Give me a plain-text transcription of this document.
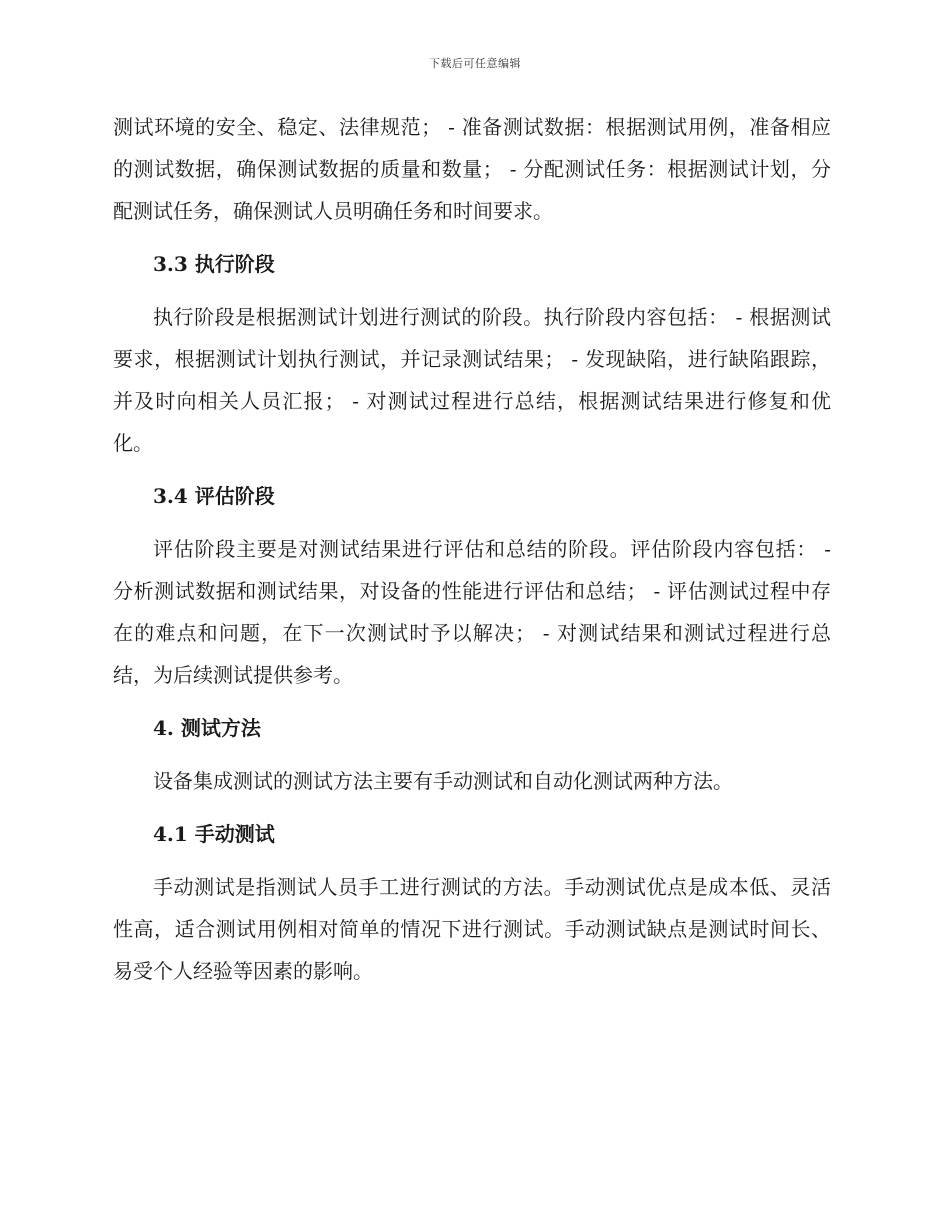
下载后可任意编辑

测试环境的安全、稳定、法律规范； - 准备测试数据：根据测试用例，准备相应的测试数据，确保测试数据的质量和数量； - 分配测试任务：根据测试计划，分配测试任务，确保测试人员明确任务和时间要求。

3.3 执行阶段

执行阶段是根据测试计划进行测试的阶段。执行阶段内容包括： - 根据测试要求，根据测试计划执行测试，并记录测试结果； - 发现缺陷，进行缺陷跟踪，并及时向相关人员汇报； - 对测试过程进行总结，根据测试结果进行修复和优化。

3.4 评估阶段

评估阶段主要是对测试结果进行评估和总结的阶段。评估阶段内容包括： - 分析测试数据和测试结果，对设备的性能进行评估和总结； - 评估测试过程中存在的难点和问题，在下一次测试时予以解决； - 对测试结果和测试过程进行总结，为后续测试提供参考。

4. 测试方法

设备集成测试的测试方法主要有手动测试和自动化测试两种方法。

4.1 手动测试

手动测试是指测试人员手工进行测试的方法。手动测试优点是成本低、灵活性高，适合测试用例相对简单的情况下进行测试。手动测试缺点是测试时间长、易受个人经验等因素的影响。
